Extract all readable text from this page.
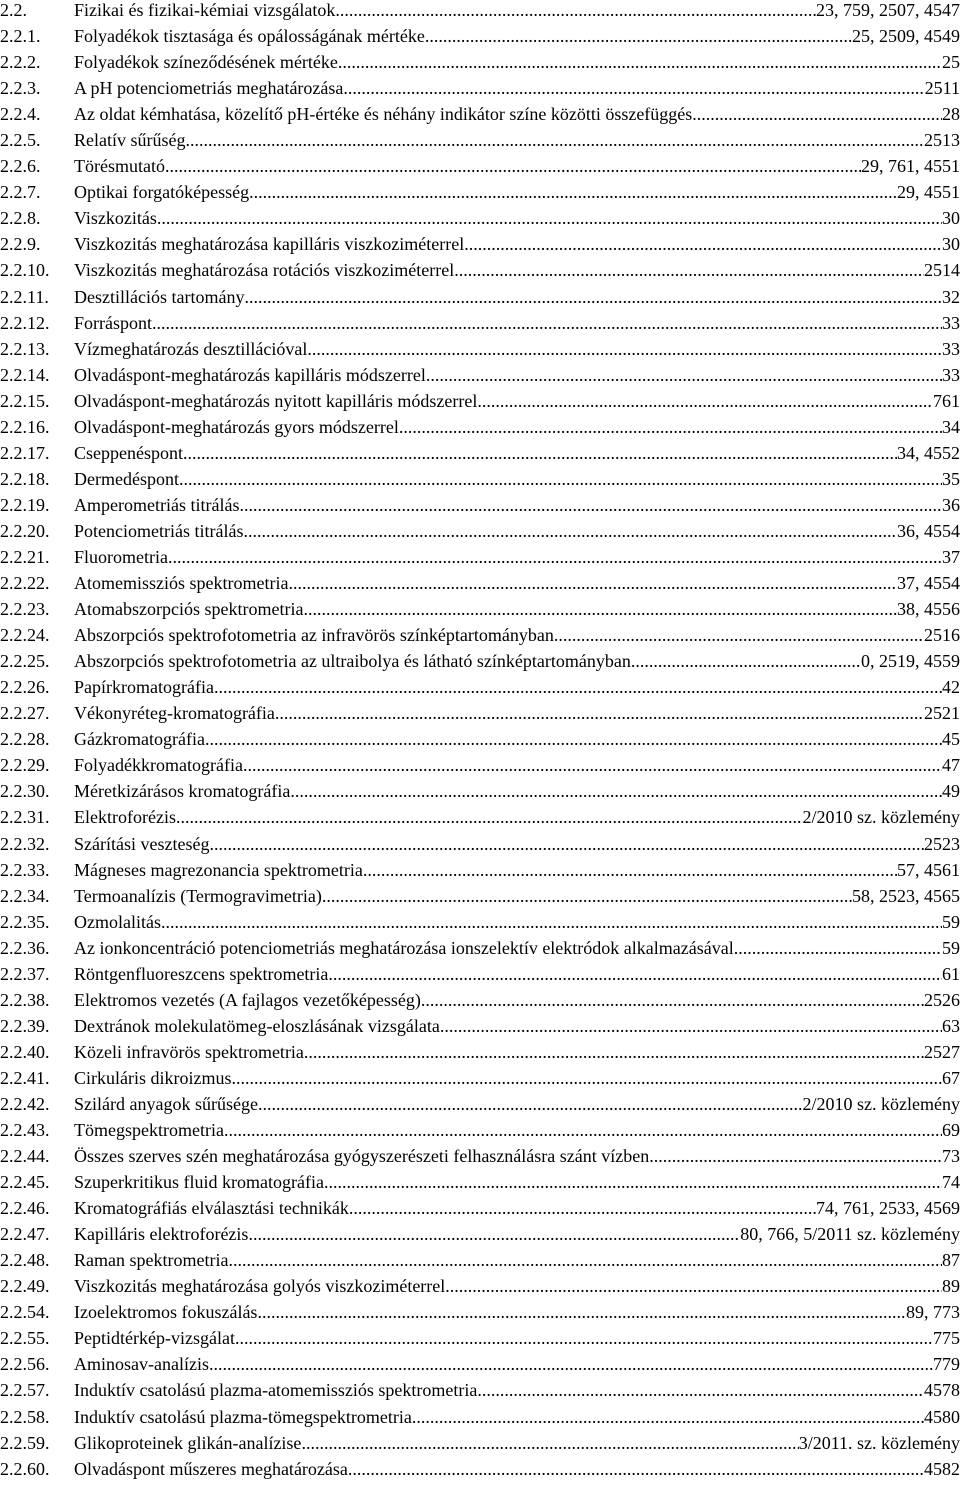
2.2.	Fizikai és fizikai-kémiai vizsgálatok .....	23, 759, 2507, 4547
2.2.1.	Folyadékok tisztasága és opálosságának mértéke .....	25, 2509, 4549
2.2.2.	Folyadékok színeződésének mértéke .....	25
2.2.3.	A pH potenciometriás meghatározása. .....	2511
2.2.4.	Az oldat kémhatása, közelítő pH-értéke és néhány indikátor színe közötti összefüggés .....	28
2.2.5.	Relatív sűrűség .....	2513
2.2.6.	Törésmutató .....	29, 761, 4551
2.2.7.	Optikai forgatóképesség .....	29, 4551
2.2.8.	Viszkozitás .....	30
2.2.9.	Viszkozitás meghatározása kapilláris viszkoziméterrel .....	30
2.2.10.	Viszkozitás meghatározása rotációs viszkoziméterrel .....	2514
2.2.11.	Desztillációs tartomány .....	32
2.2.12.	Forráspont .....	33
2.2.13.	Vízmeghatározás desztillációval .....	33
2.2.14.	Olvadáspont-meghatározás kapilláris módszerrel .....	33
2.2.15.	Olvadáspont-meghatározás nyitott kapilláris módszerrel .....	761
2.2.16.	Olvadáspont-meghatározás gyors módszerrel .....	34
2.2.17.	Cseppenéspont .....	34, 4552
2.2.18.	Dermedéspont .....	35
2.2.19.	Amperometriás titrálás .....	36
2.2.20.	Potenciometriás titrálás .....	36, 4554
2.2.21.	Fluorometria .....	37
2.2.22.	Atomemissziós spektrometria .....	37, 4554
2.2.23.	Atomabszorpciós spektrometria .....	38, 4556
2.2.24.	Abszorpciós spektrofotometria az infravörös színképtartományban .....	2516
2.2.25.	Abszorpciós spektrofotometria az ultraibolya és látható színképtartományban .....	0, 2519, 4559
2.2.26.	Papírkromatográfia .....	42
2.2.27.	Vékonyréteg-kromatográfia .....	2521
2.2.28.	Gázkromatográfia .....	45
2.2.29.	Folyadékkromatográfia .....	47
2.2.30.	Méretkizárásos kromatográfia .....	49
2.2.31.	Elektroforézis .....	2/2010 sz. közlemény
2.2.32.	Szárítási veszteség .....	2523
2.2.33.	Mágneses magrezonancia spektrometria .....	57, 4561
2.2.34.	Termoanalízis (Termogravimetria) .....	58, 2523, 4565
2.2.35.	Ozmolalitás .....	59
2.2.36.	Az ionkoncentráció potenciometriás meghatározása ionszelektív elektródok alkalmazásával .....	59
2.2.37.	Röntgenfluoreszcens spektrometria .....	61
2.2.38.	Elektromos vezetés (A fajlagos vezetőképesség) .....	2526
2.2.39.	Dextránok molekulatömeg-eloszlásának vizsgálata .....	63
2.2.40.	Közeli infravörös spektrometria .....	2527
2.2.41.	Cirkuláris dikroizmus .....	67
2.2.42.	Szilárd anyagok sűrűsége .....	2/2010 sz. közlemény
2.2.43.	Tömegspektrometria .....	69
2.2.44.	Összes szerves szén meghatározása gyógyszerészeti felhasználásra szánt vízben .....	73
2.2.45.	Szuperkritikus fluid kromatográfia .....	74
2.2.46.	Kromatográfiás elválasztási technikák .....	74, 761, 2533, 4569
2.2.47.	Kapilláris elektroforézis .....	80, 766, 5/2011 sz. közlemény
2.2.48.	Raman spektrometria .....	87
2.2.49.	Viszkozitás meghatározása golyós viszkoziméterrel .....	89
2.2.54.	Izoelektromos fokuszálás .....	89, 773
2.2.55.	Peptidtérkép-vizsgálat .....	775
2.2.56.	Aminosav-analízis .....	779
2.2.57.	Induktív csatolású plazma-atomemissziós spektrometria .....	4578
2.2.58.	Induktív csatolású plazma-tömegspektrometria .....	4580
2.2.59.	Glikoproteinek glikán-analízise .....	3/2011. sz. közlemény
2.2.60.	Olvadáspont műszeres meghatározása .....	4582
